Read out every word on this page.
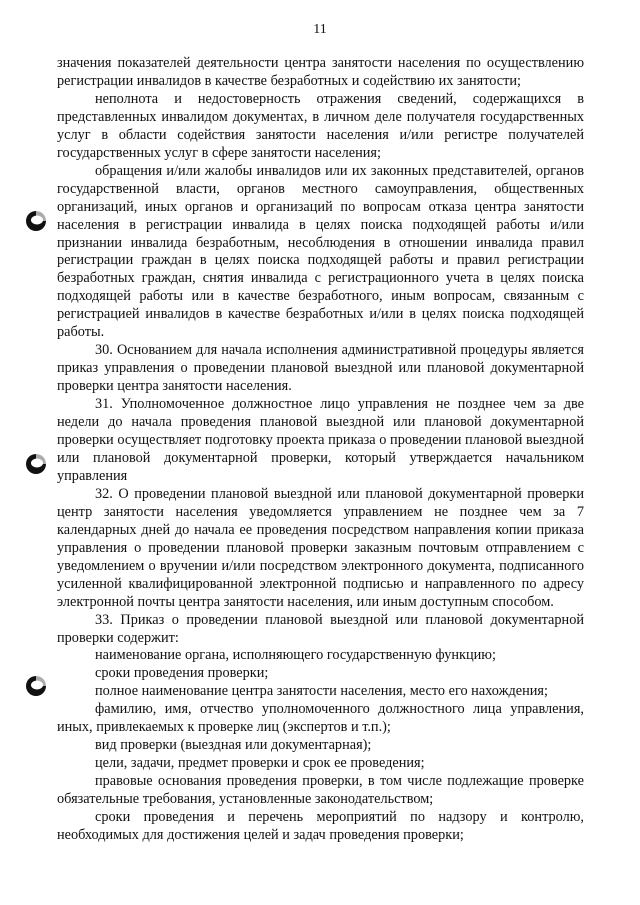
11

значения показателей деятельности центра занятости населения по осуществлению регистрации инвалидов в качестве безработных и содействию их занятости;

неполнота и недостоверность отражения сведений, содержащихся в представленных инвалидом документах, в личном деле получателя государственных услуг в области содействия занятости населения и/или регистре получателей государственных услуг в сфере занятости населения;

обращения и/или жалобы инвалидов или их законных представителей, органов государственной власти, органов местного самоуправления, общественных организаций, иных органов и организаций по вопросам отказа центра занятости населения в регистрации инвалида в целях поиска подходящей работы и/или признании инвалида безработным, несоблюдения в отношении инвалида правил регистрации граждан в целях поиска подходящей работы и правил регистрации безработных граждан, снятия инвалида с регистрационного учета в целях поиска подходящей работы или в качестве безработного, иным вопросам, связанным с регистрацией инвалидов в качестве безработных и/или в целях поиска подходящей работы.

30. Основанием для начала исполнения административной процедуры является приказ управления о проведении плановой выездной или плановой документарной проверки центра занятости населения.

31. Уполномоченное должностное лицо управления не позднее чем за две недели до начала проведения плановой выездной или плановой документарной проверки осуществляет подготовку проекта приказа о проведении плановой выездной или плановой документарной проверки, который утверждается начальником управления

32. О проведении плановой выездной или плановой документарной проверки центр занятости населения уведомляется управлением не позднее чем за 7 календарных дней до начала ее проведения посредством направления копии приказа управления о проведении плановой проверки заказным почтовым отправлением с уведомлением о вручении и/или посредством электронного документа, подписанного усиленной квалифицированной электронной подписью и направленного по адресу электронной почты центра занятости населения, или иным доступным способом.

33. Приказ о проведении плановой выездной или плановой документарной проверки содержит:

наименование органа, исполняющего государственную функцию;

сроки проведения проверки;

полное наименование центра занятости населения, место его нахождения;

фамилию, имя, отчество уполномоченного должностного лица управления, иных, привлекаемых к проверке лиц (экспертов и т.п.);

вид проверки (выездная или документарная);

цели, задачи, предмет проверки и срок ее проведения;

правовые основания проведения проверки, в том числе подлежащие проверке обязательные требования, установленные законодательством;

сроки проведения и перечень мероприятий по надзору и контролю, необходимых для достижения целей и задач проведения проверки;
